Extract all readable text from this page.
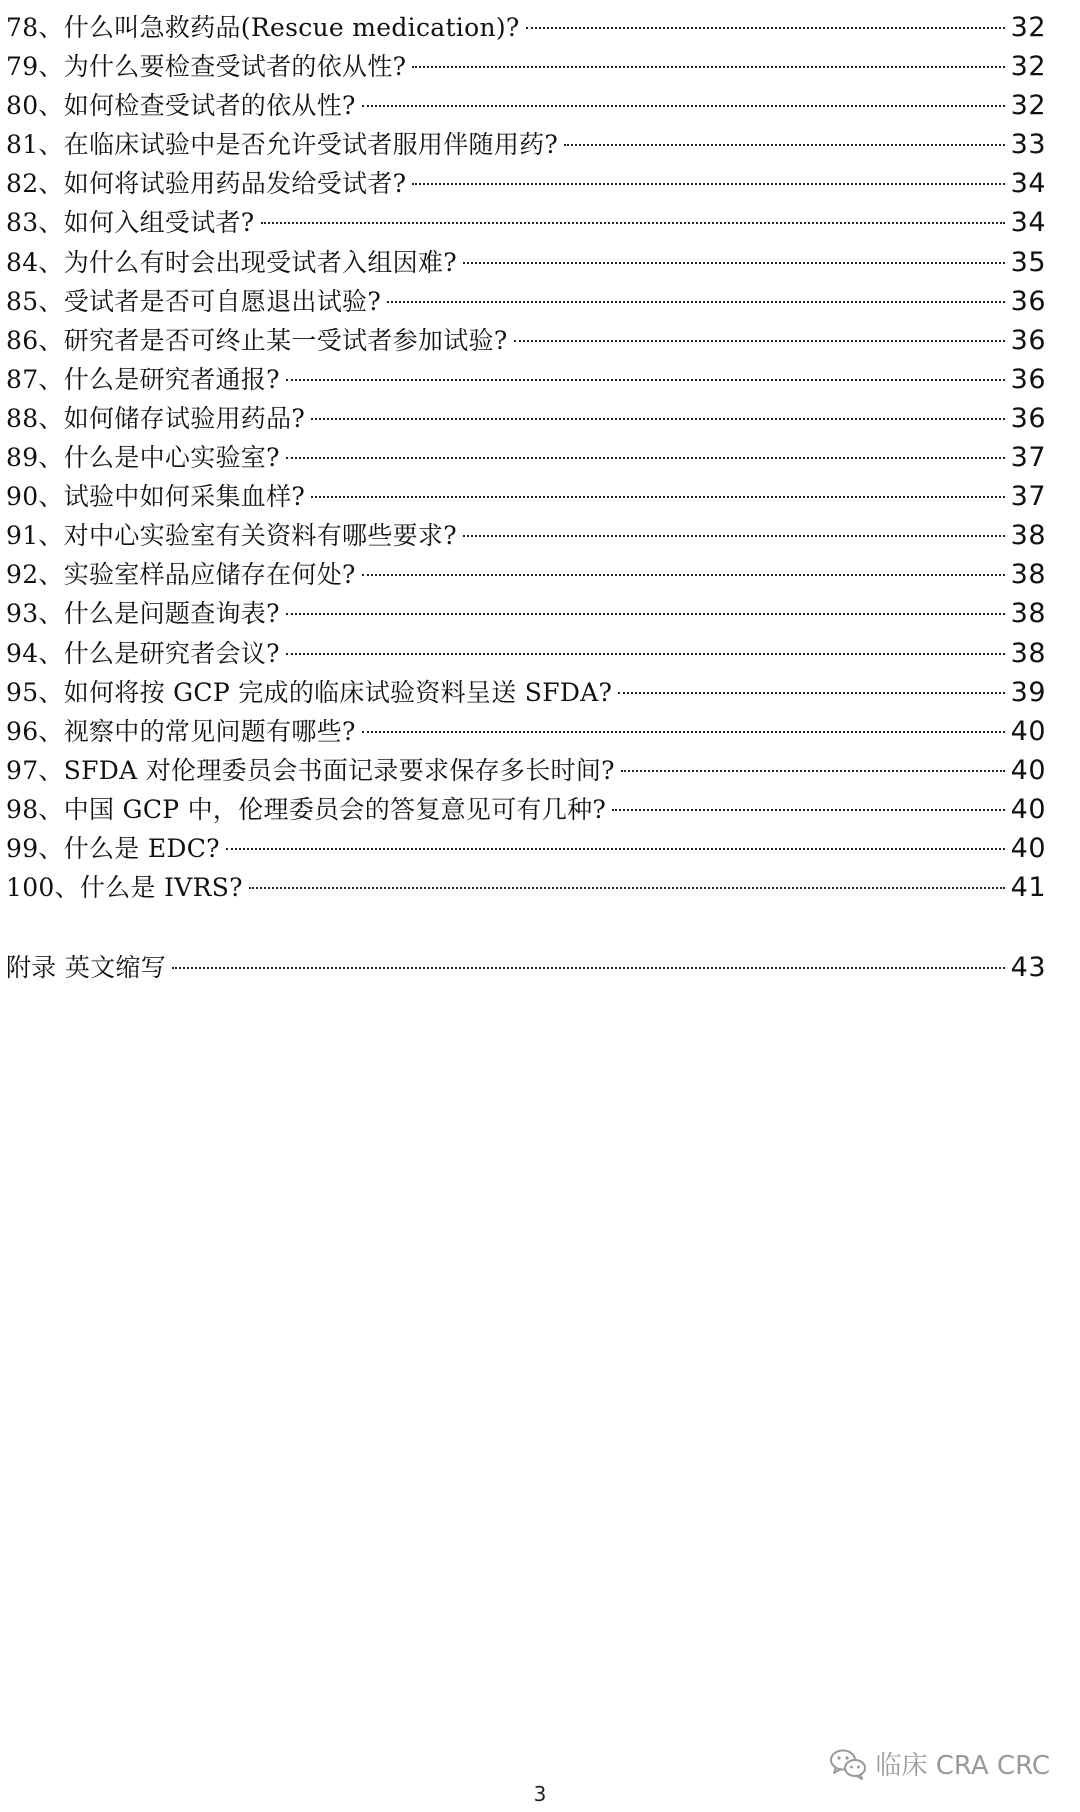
78、什么叫急救药品(Rescue medication)?	32
79、为什么要检查受试者的依从性?	32
80、如何检查受试者的依从性?	32
81、在临床试验中是否允许受试者服用伴随用药?	33
82、如何将试验用药品发给受试者?	34
83、如何入组受试者?	34
84、为什么有时会出现受试者入组因难?	35
85、受试者是否可自愿退出试验?	36
86、研究者是否可终止某一受试者参加试验?	36
87、什么是研究者通报?	36
88、如何储存试验用药品?	36
89、什么是中心实验室?	37
90、试验中如何采集血样?	37
91、对中心实验室有关资料有哪些要求?	38
92、实验室样品应储存在何处?	38
93、什么是问题查询表?	38
94、什么是研究者会议?	38
95、如何将按 GCP 完成的临床试验资料呈送 SFDA?	39
96、视察中的常见问题有哪些?	40
97、SFDA 对伦理委员会书面记录要求保存多长时间?	40
98、中国 GCP 中，伦理委员会的答复意见可有几种?	40
99、什么是 EDC?	40
100、什么是 IVRS?	41
附录 英文缩写	43
临床 CRA CRC
3
